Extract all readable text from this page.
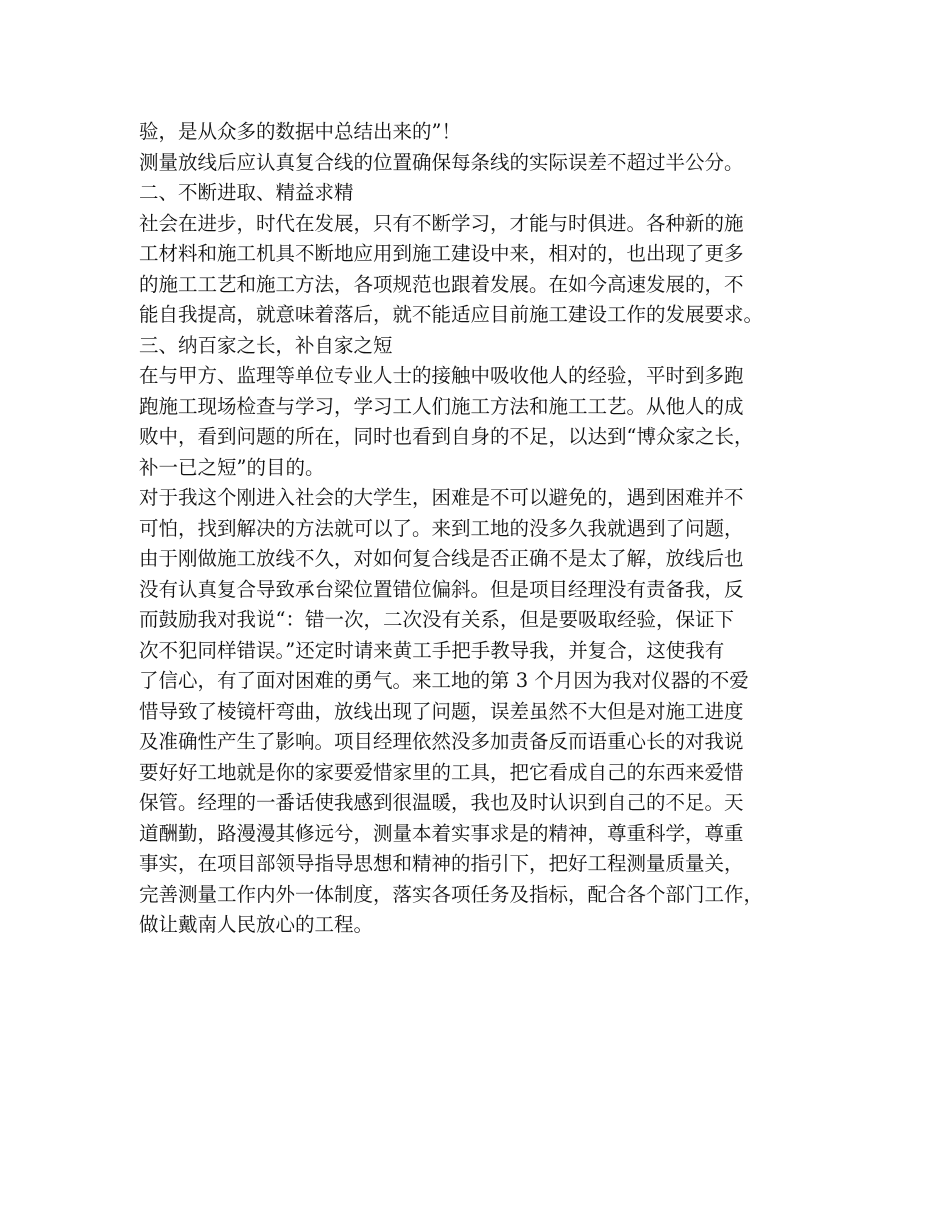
验，是从众多的数据中总结出来的”！
测量放线后应认真复合线的位置确保每条线的实际误差不超过半公分。
二、不断进取、精益求精
社会在进步，时代在发展，只有不断学习，才能与时俱进。各种新的施
工材料和施工机具不断地应用到施工建设中来，相对的，也出现了更多
的施工工艺和施工方法，各项规范也跟着发展。在如今高速发展的，不
能自我提高，就意味着落后，就不能适应目前施工建设工作的发展要求。
三、纳百家之长，补自家之短
在与甲方、监理等单位专业人士的接触中吸收他人的经验，平时到多跑
跑施工现场检查与学习，学习工人们施工方法和施工工艺。从他人的成
败中，看到问题的所在，同时也看到自身的不足，以达到“博众家之长，
补一已之短”的目的。
对于我这个刚进入社会的大学生，困难是不可以避免的，遇到困难并不
可怕，找到解决的方法就可以了。来到工地的没多久我就遇到了问题，
由于刚做施工放线不久，对如何复合线是否正确不是太了解，放线后也
没有认真复合导致承台梁位置错位偏斜。但是项目经理没有责备我，反
而鼓励我对我说“：错一次，二次没有关系，但是要吸取经验，保证下
次不犯同样错误。”还定时请来黄工手把手教导我，并复合，这使我有
了信心，有了面对困难的勇气。来工地的第 3 个月因为我对仪器的不爱
惜导致了棱镜杆弯曲，放线出现了问题，误差虽然不大但是对施工进度
及准确性产生了影响。项目经理依然没多加责备反而语重心长的对我说
要好好工地就是你的家要爱惜家里的工具，把它看成自己的东西来爱惜
保管。经理的一番话使我感到很温暖，我也及时认识到自己的不足。天
道酬勤，路漫漫其修远兮，测量本着实事求是的精神，尊重科学，尊重
事实，在项目部领导指导思想和精神的指引下，把好工程测量质量关，
完善测量工作内外一体制度，落实各项任务及指标，配合各个部门工作，
做让戴南人民放心的工程。
